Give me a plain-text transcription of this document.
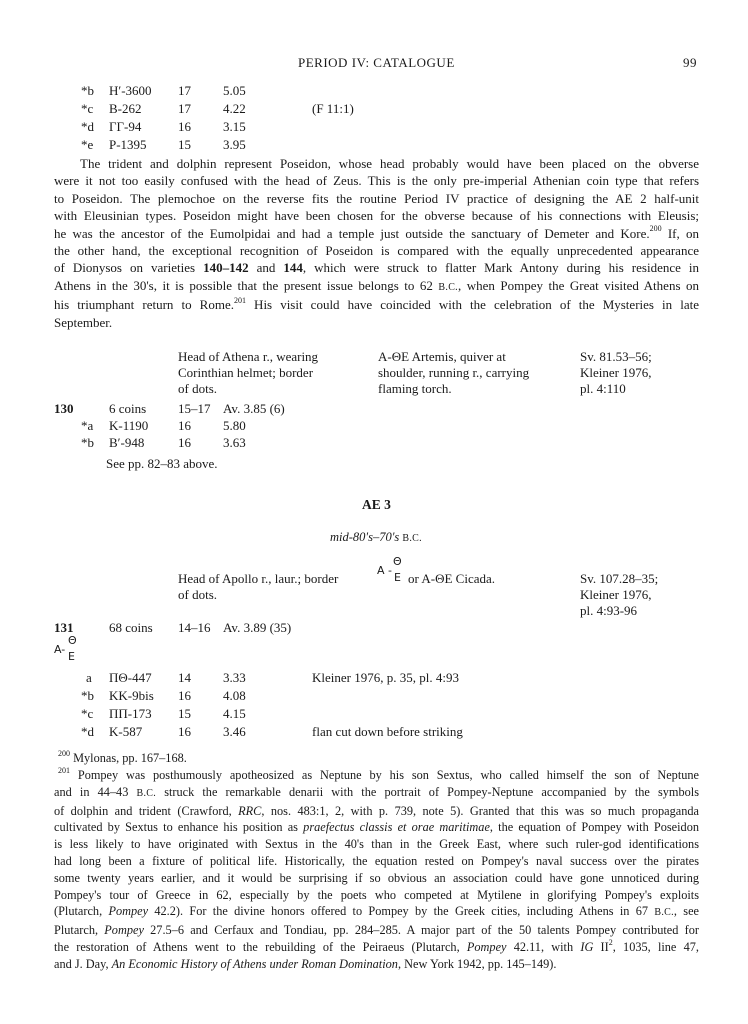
PERIOD IV: CATALOGUE	99
*b H′-3600 17 5.05
*c B-262	17 4.22	(F 11:1)
*d ΓΓ-94	16 3.15
*e P-1395 15 3.95
The trident and dolphin represent Poseidon, whose head probably would have been placed on the obverse
were it not too easily confused with the head of Zeus. This is the only pre-imperial Athenian coin type that refers
to Poseidon. The plemochoe on the reverse fits the routine Period IV practice of designing the AE 2 half-unit
with Eleusinian types. Poseidon might have been chosen for the obverse because of his connections with Eleusis;
he was the ancestor of the Eumolpidai and had a temple just outside the sanctuary of Demeter and Kore.$^{200}$ If, on
the other hand, the exceptional recognition of Poseidon is compared with the equally unprecedented appearance
of Dionysos on varieties 140–142 and 144, which were struck to flatter Mark Antony during his residence in
Athens in the 30's, it is possible that the present issue belongs to 62 B.C., when Pompey the Great visited Athens on
his triumphant return to Rome.$^{201}$ His visit could have coincided with the celebration of the Mysteries in late
September.
Head of Athena r., wearing
Corinthian helmet; border
of dots.
A-ΘE Artemis, quiver at
shoulder, running r., carrying
flaming torch.
Sv. 81.53–56;
Kleiner 1976,
pl. 4:110
130	6 coins 15–17 Av. 3.85 (6)
*a K-1190 16 5.80
*b B′-948	16 3.63
See pp. 82–83 above.
AE 3
mid-80's–70's B.C.
Head of Apollo r., laur.; border
of dots.
Θ
A -
E or A-ΘE Cicada.	Sv. 107.28–35;
Kleiner 1976,
pl. 4:93-96
131	68 coins 14–16 Av. 3.89 (35)
Θ
A-
E
a ΠΘ-447 14 3.33	Kleiner 1976, p. 35, pl. 4:93
*b KK-9bis 16 4.08
*c ΠΠ-173 15 4.15
*d K-587	16 3.46	flan cut down before striking
$^{200}$ Mylonas, pp. 167–168.
$^{201}$ Pompey was posthumously apotheosized as Neptune by his son Sextus, who called himself the son of Neptune
and in 44–43 B.C. struck the remarkable denarii with the portrait of Pompey-Neptune accompanied by the symbols
of dolphin and trident (Crawford, RRC, nos. 483:1, 2, with p. 739, note 5). Granted that this was so much propaganda
cultivated by Sextus to enhance his position as praefectus classis et orae maritimae, the equation of Pompey with Poseidon
is less likely to have originated with Sextus in the 40's than in the Greek East, where such ruler-god identifications
had long been a fixture of political life. Historically, the equation rested on Pompey's naval success over the pirates
some twenty years earlier, and it would be surprising if so obvious an association could have gone unnoticed during
Pompey's tour of Greece in 62, especially by the poets who competed at Mytilene in glorifying Pompey's exploits
(Plutarch, Pompey 42.2). For the divine honors offered to Pompey by the Greek cities, including Athens in 67 B.C., see
Plutarch, Pompey 27.5–6 and Cerfaux and Tondiau, pp. 284–285. A major part of the 50 talents Pompey contributed for
the restoration of Athens went to the rebuilding of the Peiraeus (Plutarch, Pompey 42.11, with IG $II^2$, 1035, line 47,
and J. Day, An Economic History of Athens under Roman Domination, New York 1942, pp. 145–149).
